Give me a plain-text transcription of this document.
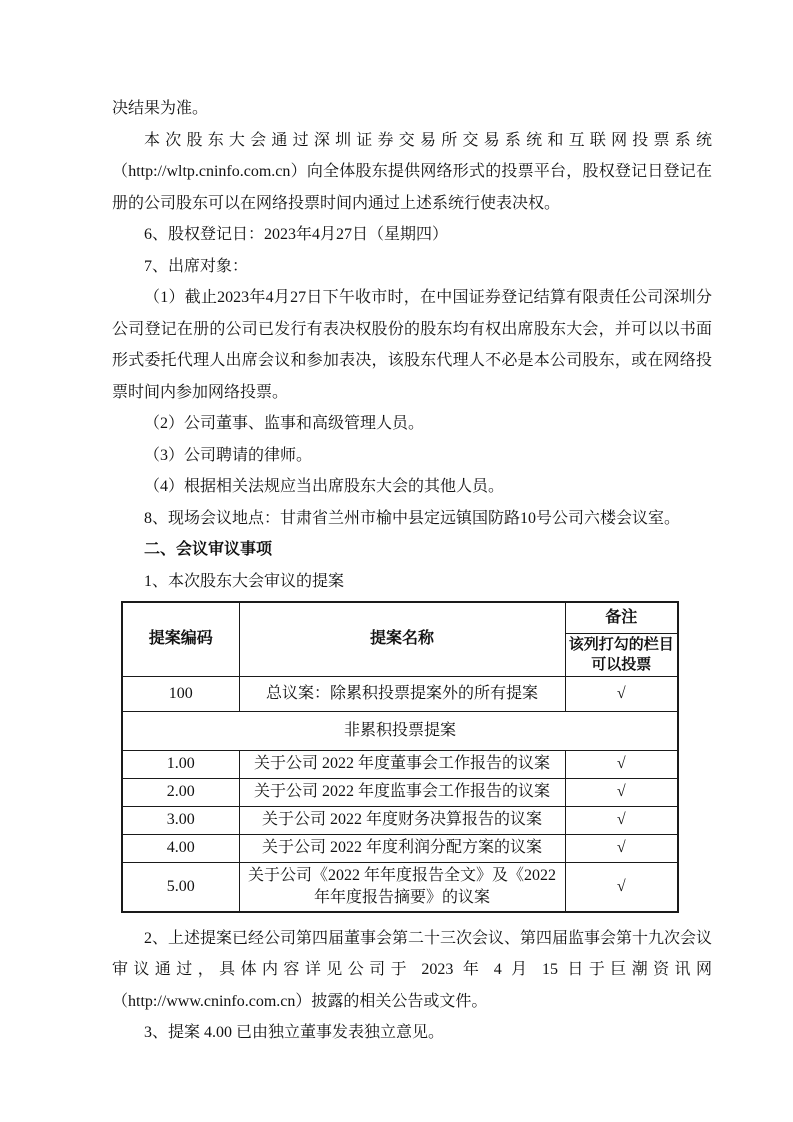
决结果为准。

本次股东大会通过深圳证券交易所交易系统和互联网投票系统（http://wltp.cninfo.com.cn）向全体股东提供网络形式的投票平台，股权登记日登记在册的公司股东可以在网络投票时间内通过上述系统行使表决权。

6、股权登记日：2023年4月27日（星期四）

7、出席对象：

（1）截止2023年4月27日下午收市时，在中国证券登记结算有限责任公司深圳分公司登记在册的公司已发行有表决权股份的股东均有权出席股东大会，并可以以书面形式委托代理人出席会议和参加表决，该股东代理人不必是本公司股东，或在网络投票时间内参加网络投票。

（2）公司董事、监事和高级管理人员。

（3）公司聘请的律师。

（4）根据相关法规应当出席股东大会的其他人员。

8、现场会议地点：甘肃省兰州市榆中县定远镇国防路10号公司六楼会议室。

二、会议审议事项

1、本次股东大会审议的提案

提案编码	提案名称	备注
		该列打勾的栏目可以投票
100	总议案：除累积投票提案外的所有提案	√
非累积投票提案		
1.00	关于公司 2022 年度董事会工作报告的议案	√
2.00	关于公司 2022 年度监事会工作报告的议案	√
3.00	关于公司 2022 年度财务决算报告的议案	√
4.00	关于公司 2022 年度利润分配方案的议案	√
5.00	关于公司《2022 年年度报告全文》及《2022 年年度报告摘要》的议案	√

2、上述提案已经公司第四届董事会第二十三次会议、第四届监事会第十九次会议审议通过，具体内容详见公司于 2023 年 4 月 15 日于巨潮资讯网（http://www.cninfo.com.cn）披露的相关公告或文件。

3、提案 4.00 已由独立董事发表独立意见。
